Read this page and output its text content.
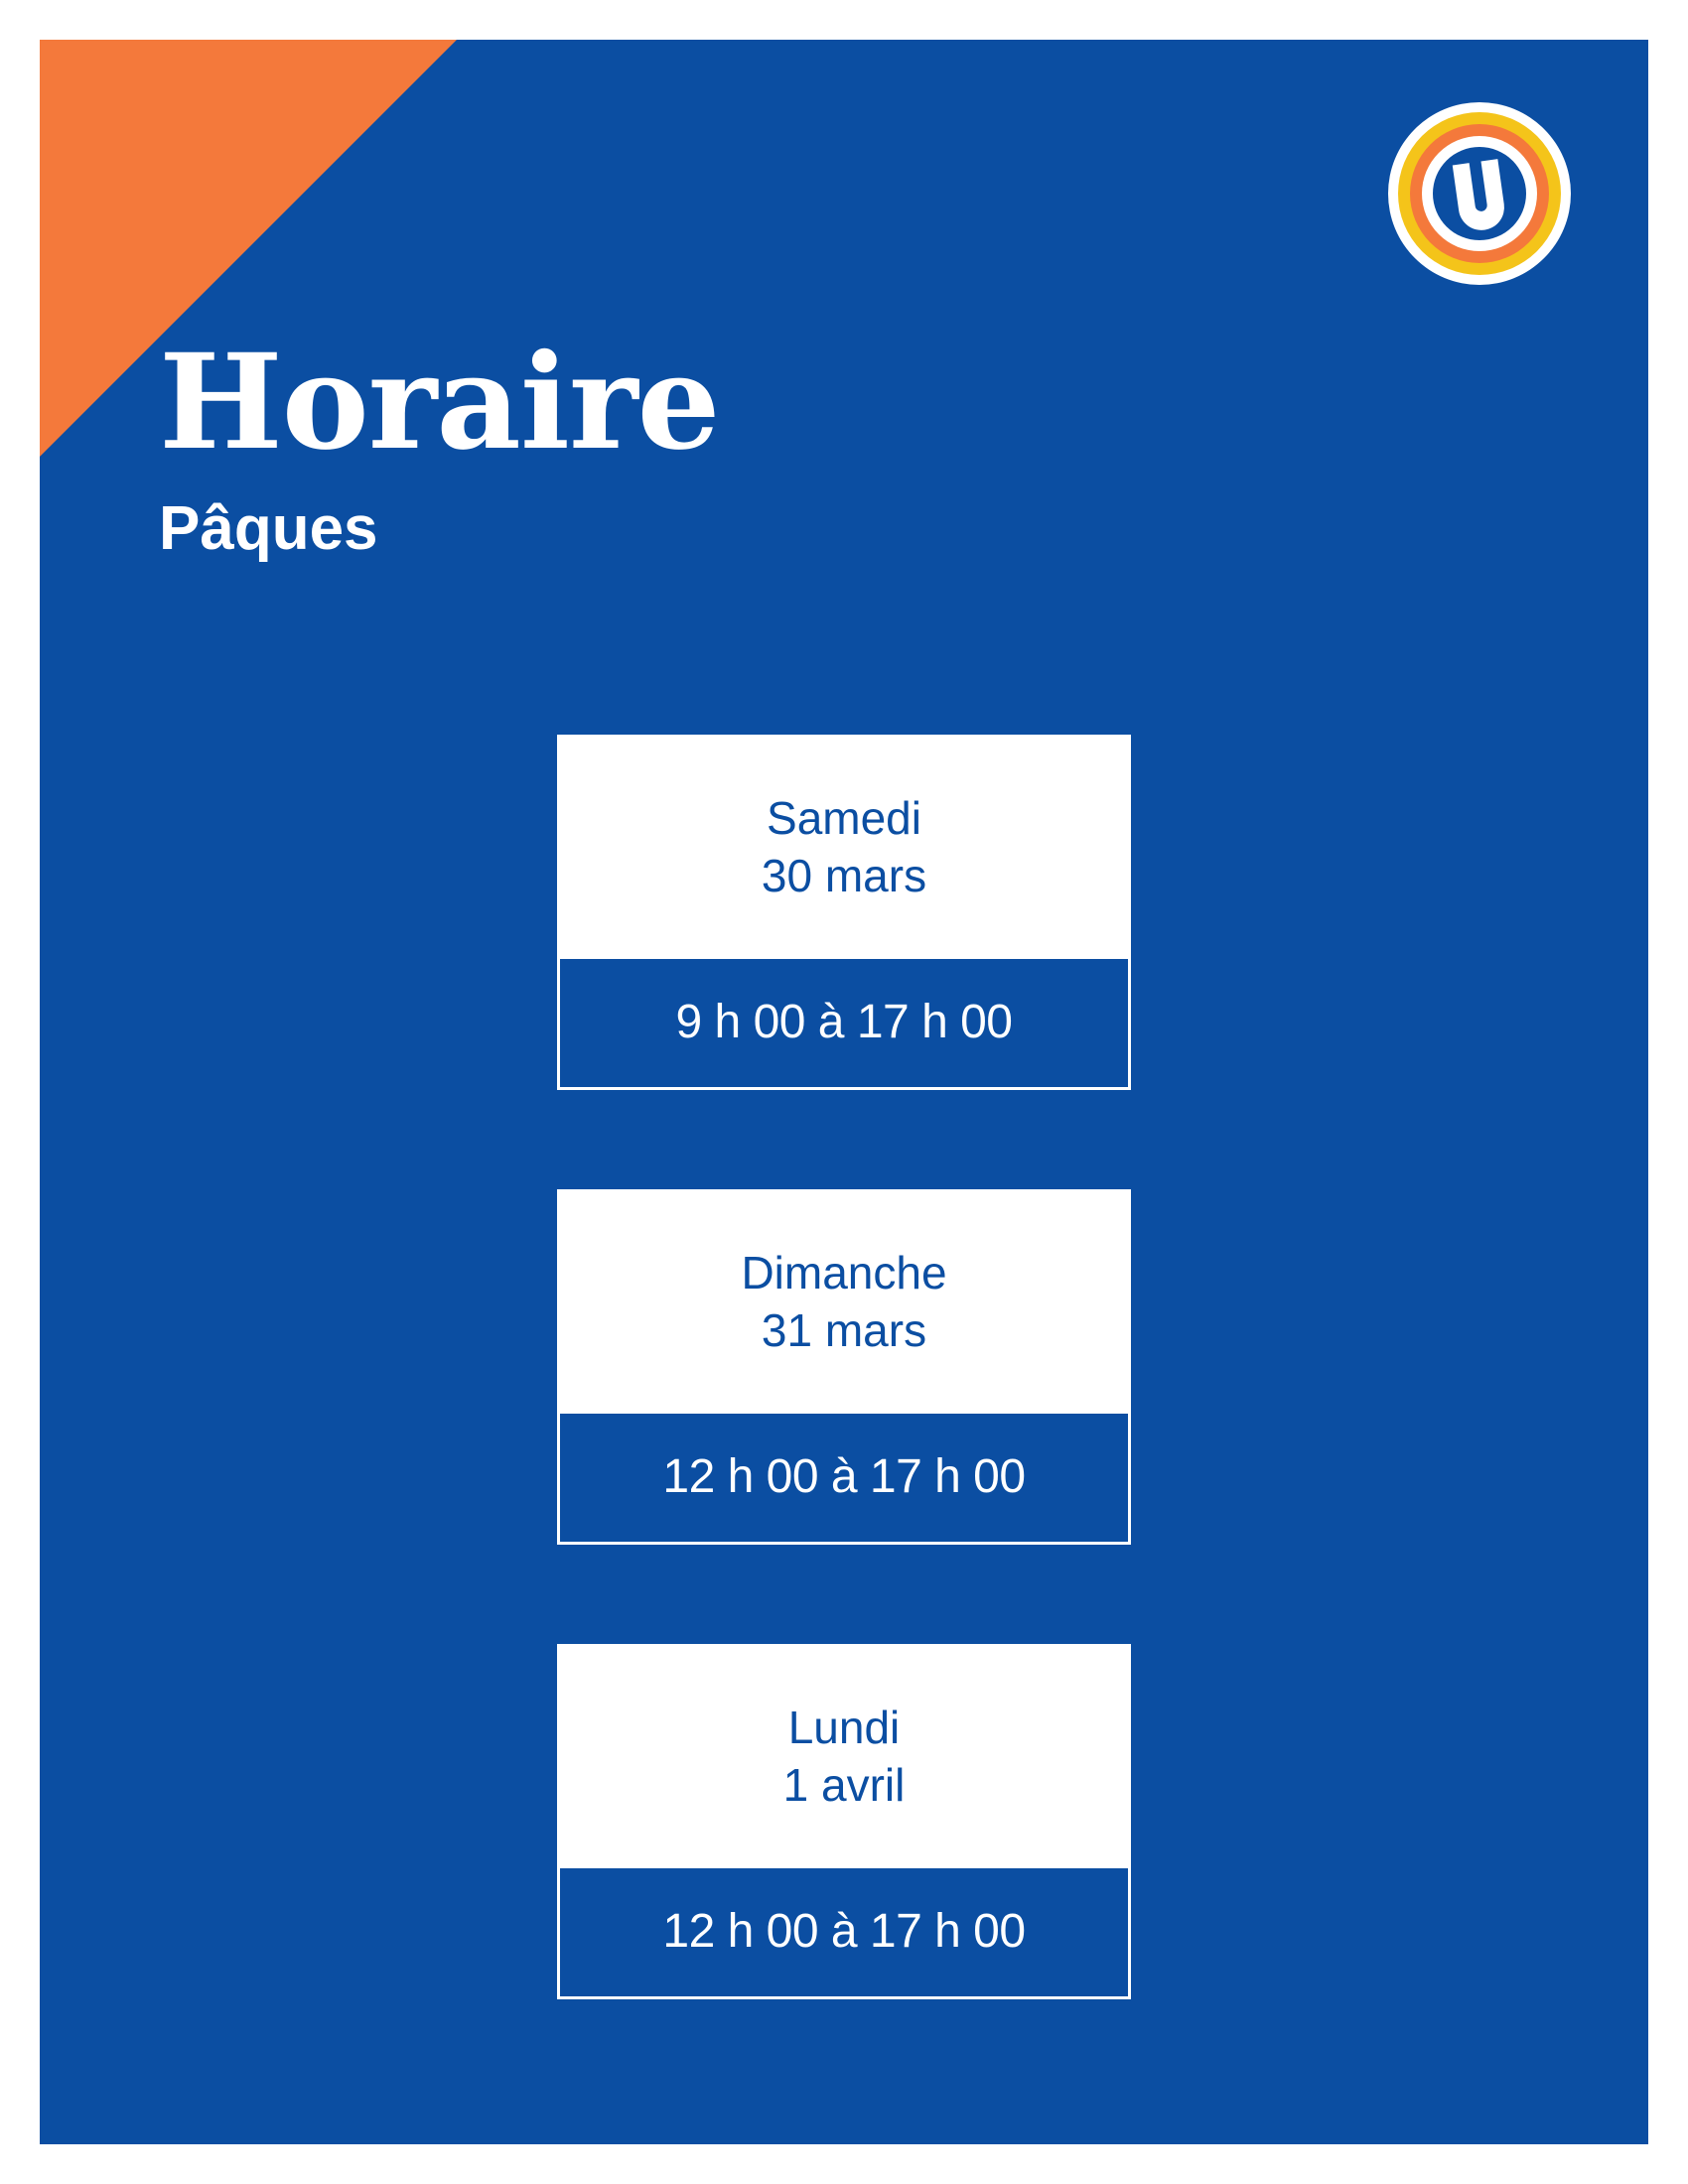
Horaire
Pâques
Samedi
30 mars
9 h 00 à 17 h 00
Dimanche
31 mars
12 h 00 à 17 h 00
Lundi
1 avril
12 h 00 à 17 h 00
